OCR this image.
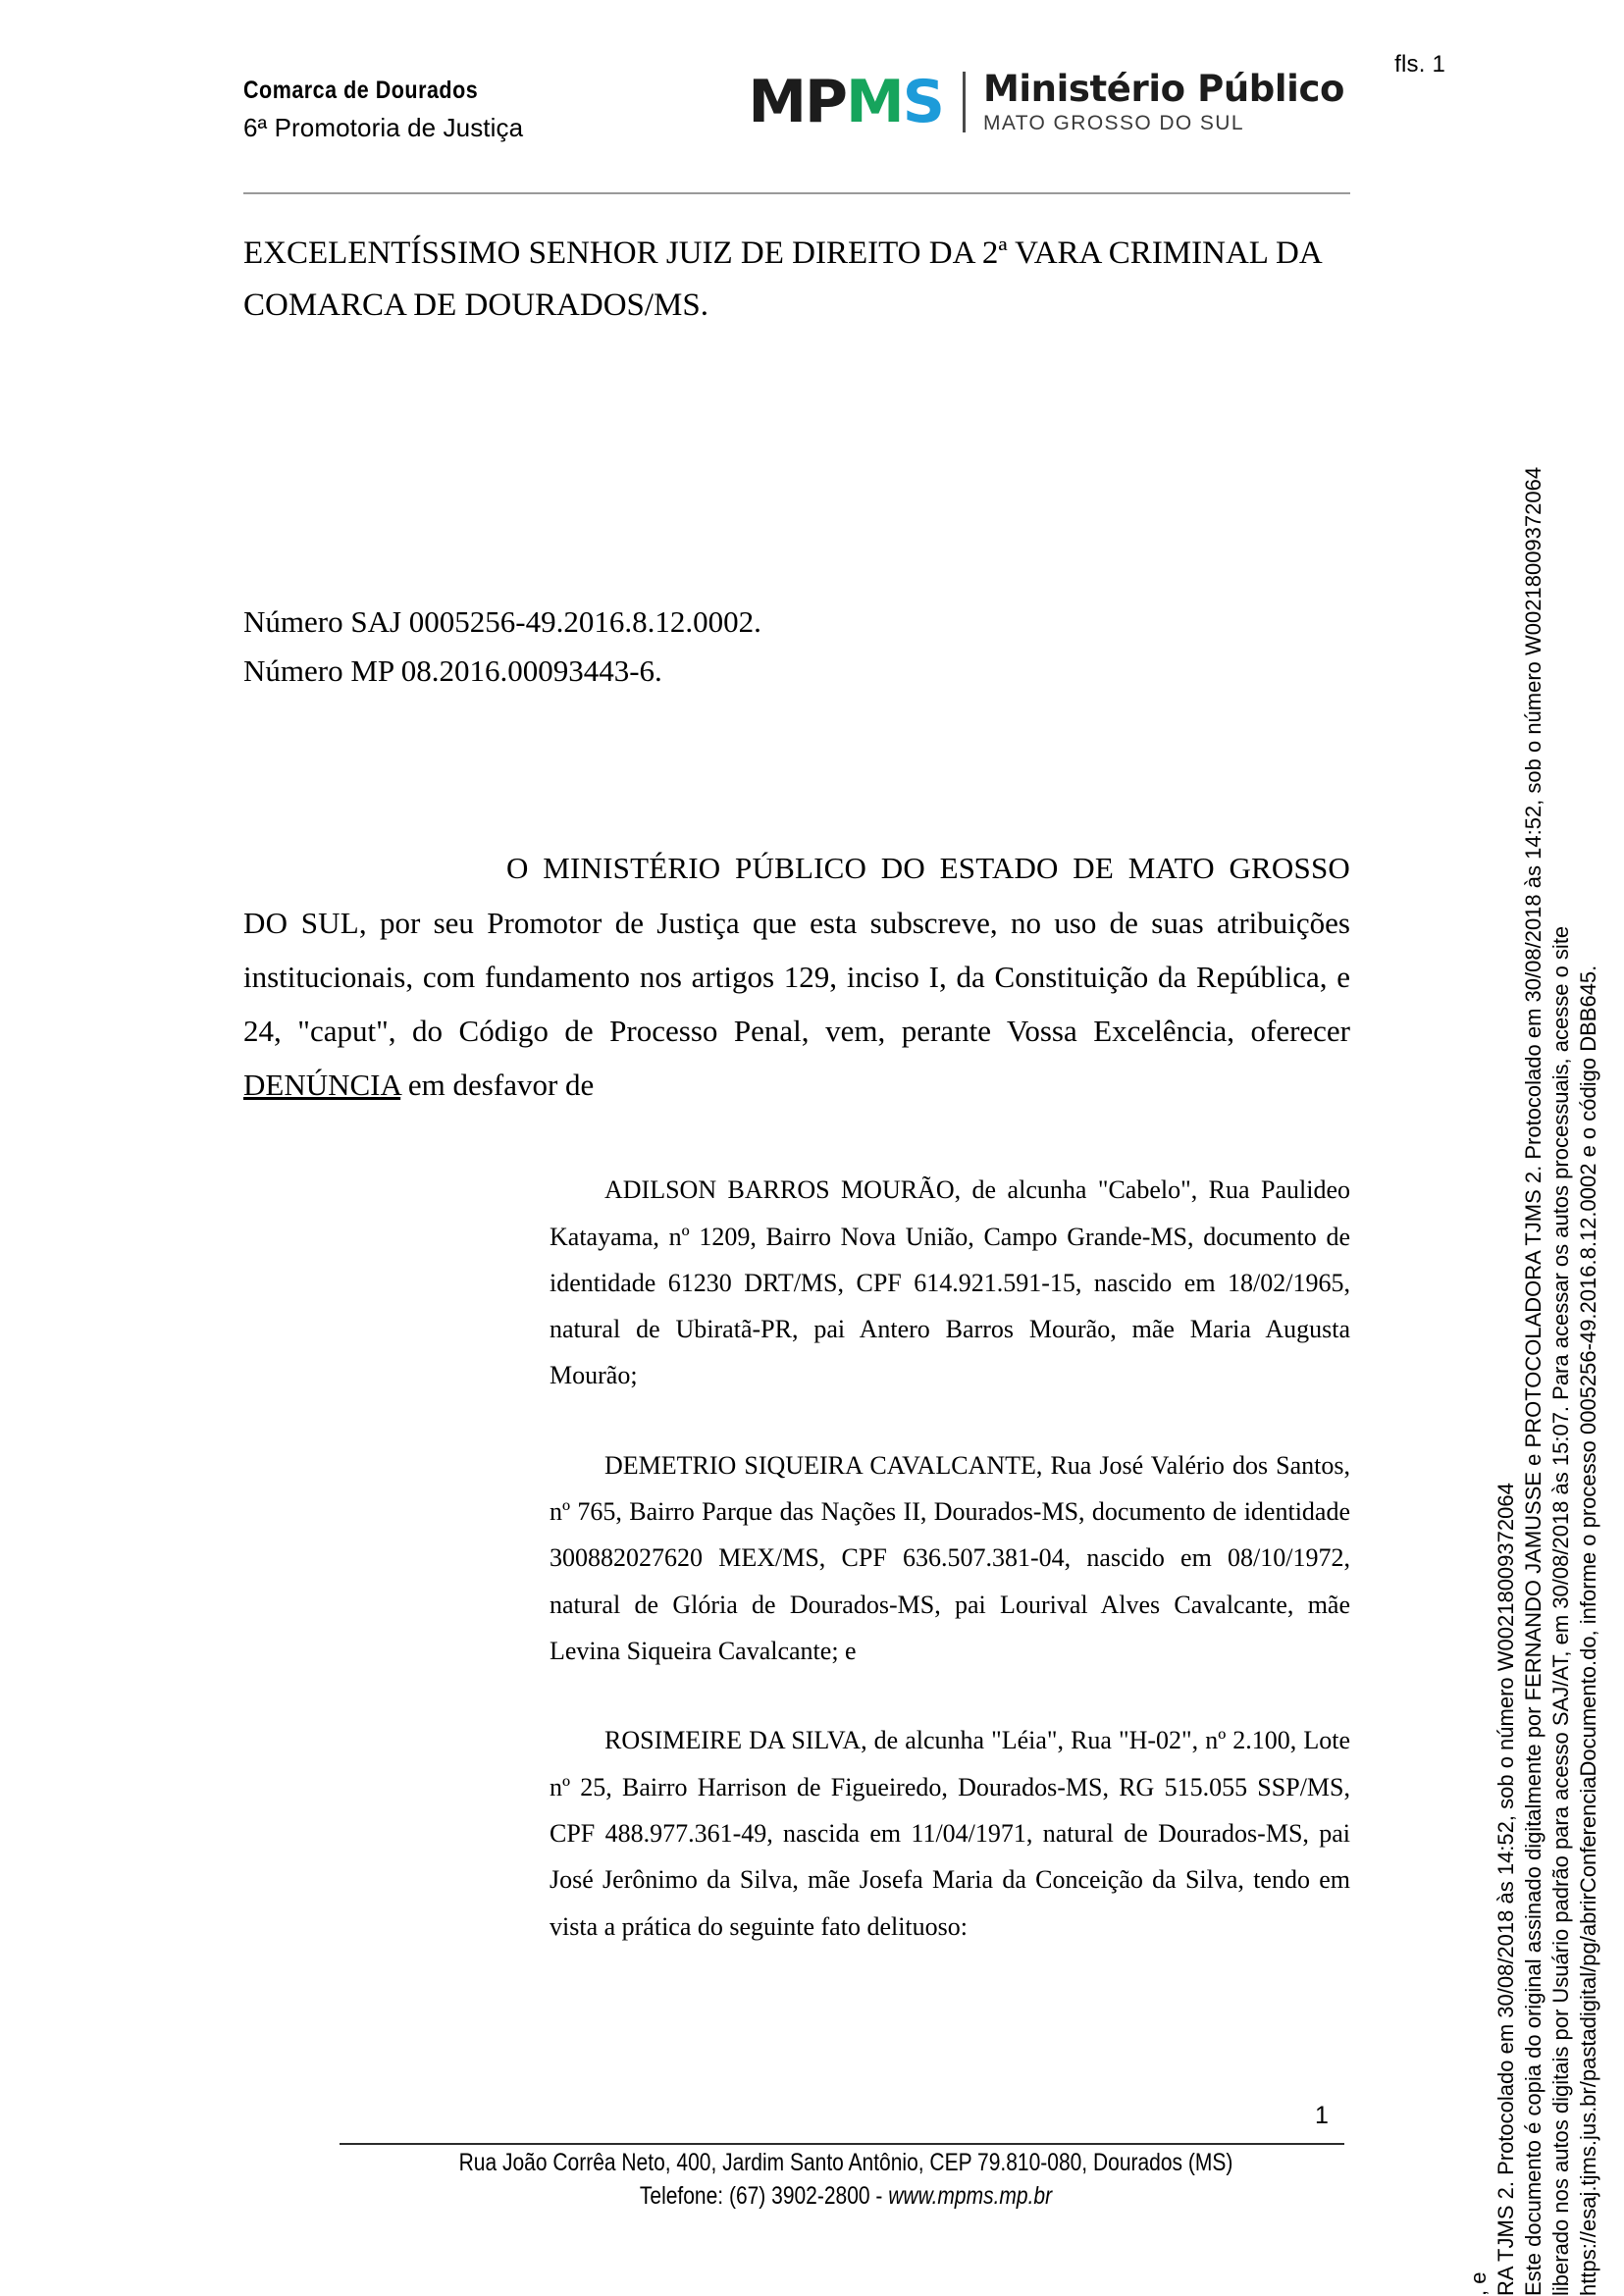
fls. 1
Comarca de Dourados
6ª Promotoria de Justiça	MP M S Ministério Público
MATO GROSSO DO SUL
EXCELENTÍSSIMO SENHOR JUIZ DE DIREITO DA 2ª VARA CRIMINAL DA COMARCA DE DOURADOS/MS.
Número SAJ 0005256-49.2016.8.12.0002.
Número MP 08.2016.00093443-6.

O MINISTÉRIO PÚBLICO DO ESTADO DE MATO GROSSO DO SUL, por seu Promotor de Justiça que esta subscreve, no uso de suas atribuições institucionais, com fundamento nos artigos 129, inciso I, da Constituição da República, e 24, "caput", do Código de Processo Penal, vem, perante Vossa Excelência, oferecer DENÚNCIA em desfavor de

ADILSON BARROS MOURÃO, de alcunha "Cabelo", Rua Paulideo Katayama, nº 1209, Bairro Nova União, Campo Grande-MS, documento de identidade 61230 DRT/MS, CPF 614.921.591-15, nascido em 18/02/1965, natural de Ubiratã-PR, pai Antero Barros Mourão, mãe Maria Augusta Mourão;

DEMETRIO SIQUEIRA CAVALCANTE, Rua José Valério dos Santos, nº 765, Bairro Parque das Nações II, Dourados-MS, documento de identidade 300882027620 MEX/MS, CPF 636.507.381-04, nascido em 08/10/1972, natural de Glória de Dourados-MS, pai Lourival Alves Cavalcante, mãe Levina Siqueira Cavalcante; e

ROSIMEIRE DA SILVA, de alcunha "Léia", Rua "H-02", nº 2.100, Lote nº 25, Bairro Harrison de Figueiredo, Dourados-MS, RG 515.055 SSP/MS, CPF 488.977.361-49, nascida em 11/04/1971, natural de Dourados-MS, pai José Jerônimo da Silva, mãe Josefa Maria da Conceição da Silva, tendo em vista a prática do seguinte fato delituoso:

1
Rua João Corrêa Neto, 400, Jardim Santo Antônio, CEP 79.810-080, Dourados (MS)
Telefone: (67) 3902-2800 - www.mpms.mp.br
, e RA TJMS 2. Protocolado em 30/08/2018 às 14:52, sob o número W00218009372064 Este documento é copia do original assinado digitalmente por FERNANDO JAMUSSE e PROTOCOLADORA TJMS 2. Protocolado em 30/08/2018 às 14:52, sob o número W00218009372064 liberado nos autos digitais por Usuário padrão para acesso SAJ/AT, em 30/08/2018 às 15:07. Para acessar os autos processuais, acesse o site https://esaj.tjms.jus.br/pastadigital/pg/abrirConferenciaDocumento.do, informe o processo 0005256-49.2016.8.12.0002 e o código DBB645.
